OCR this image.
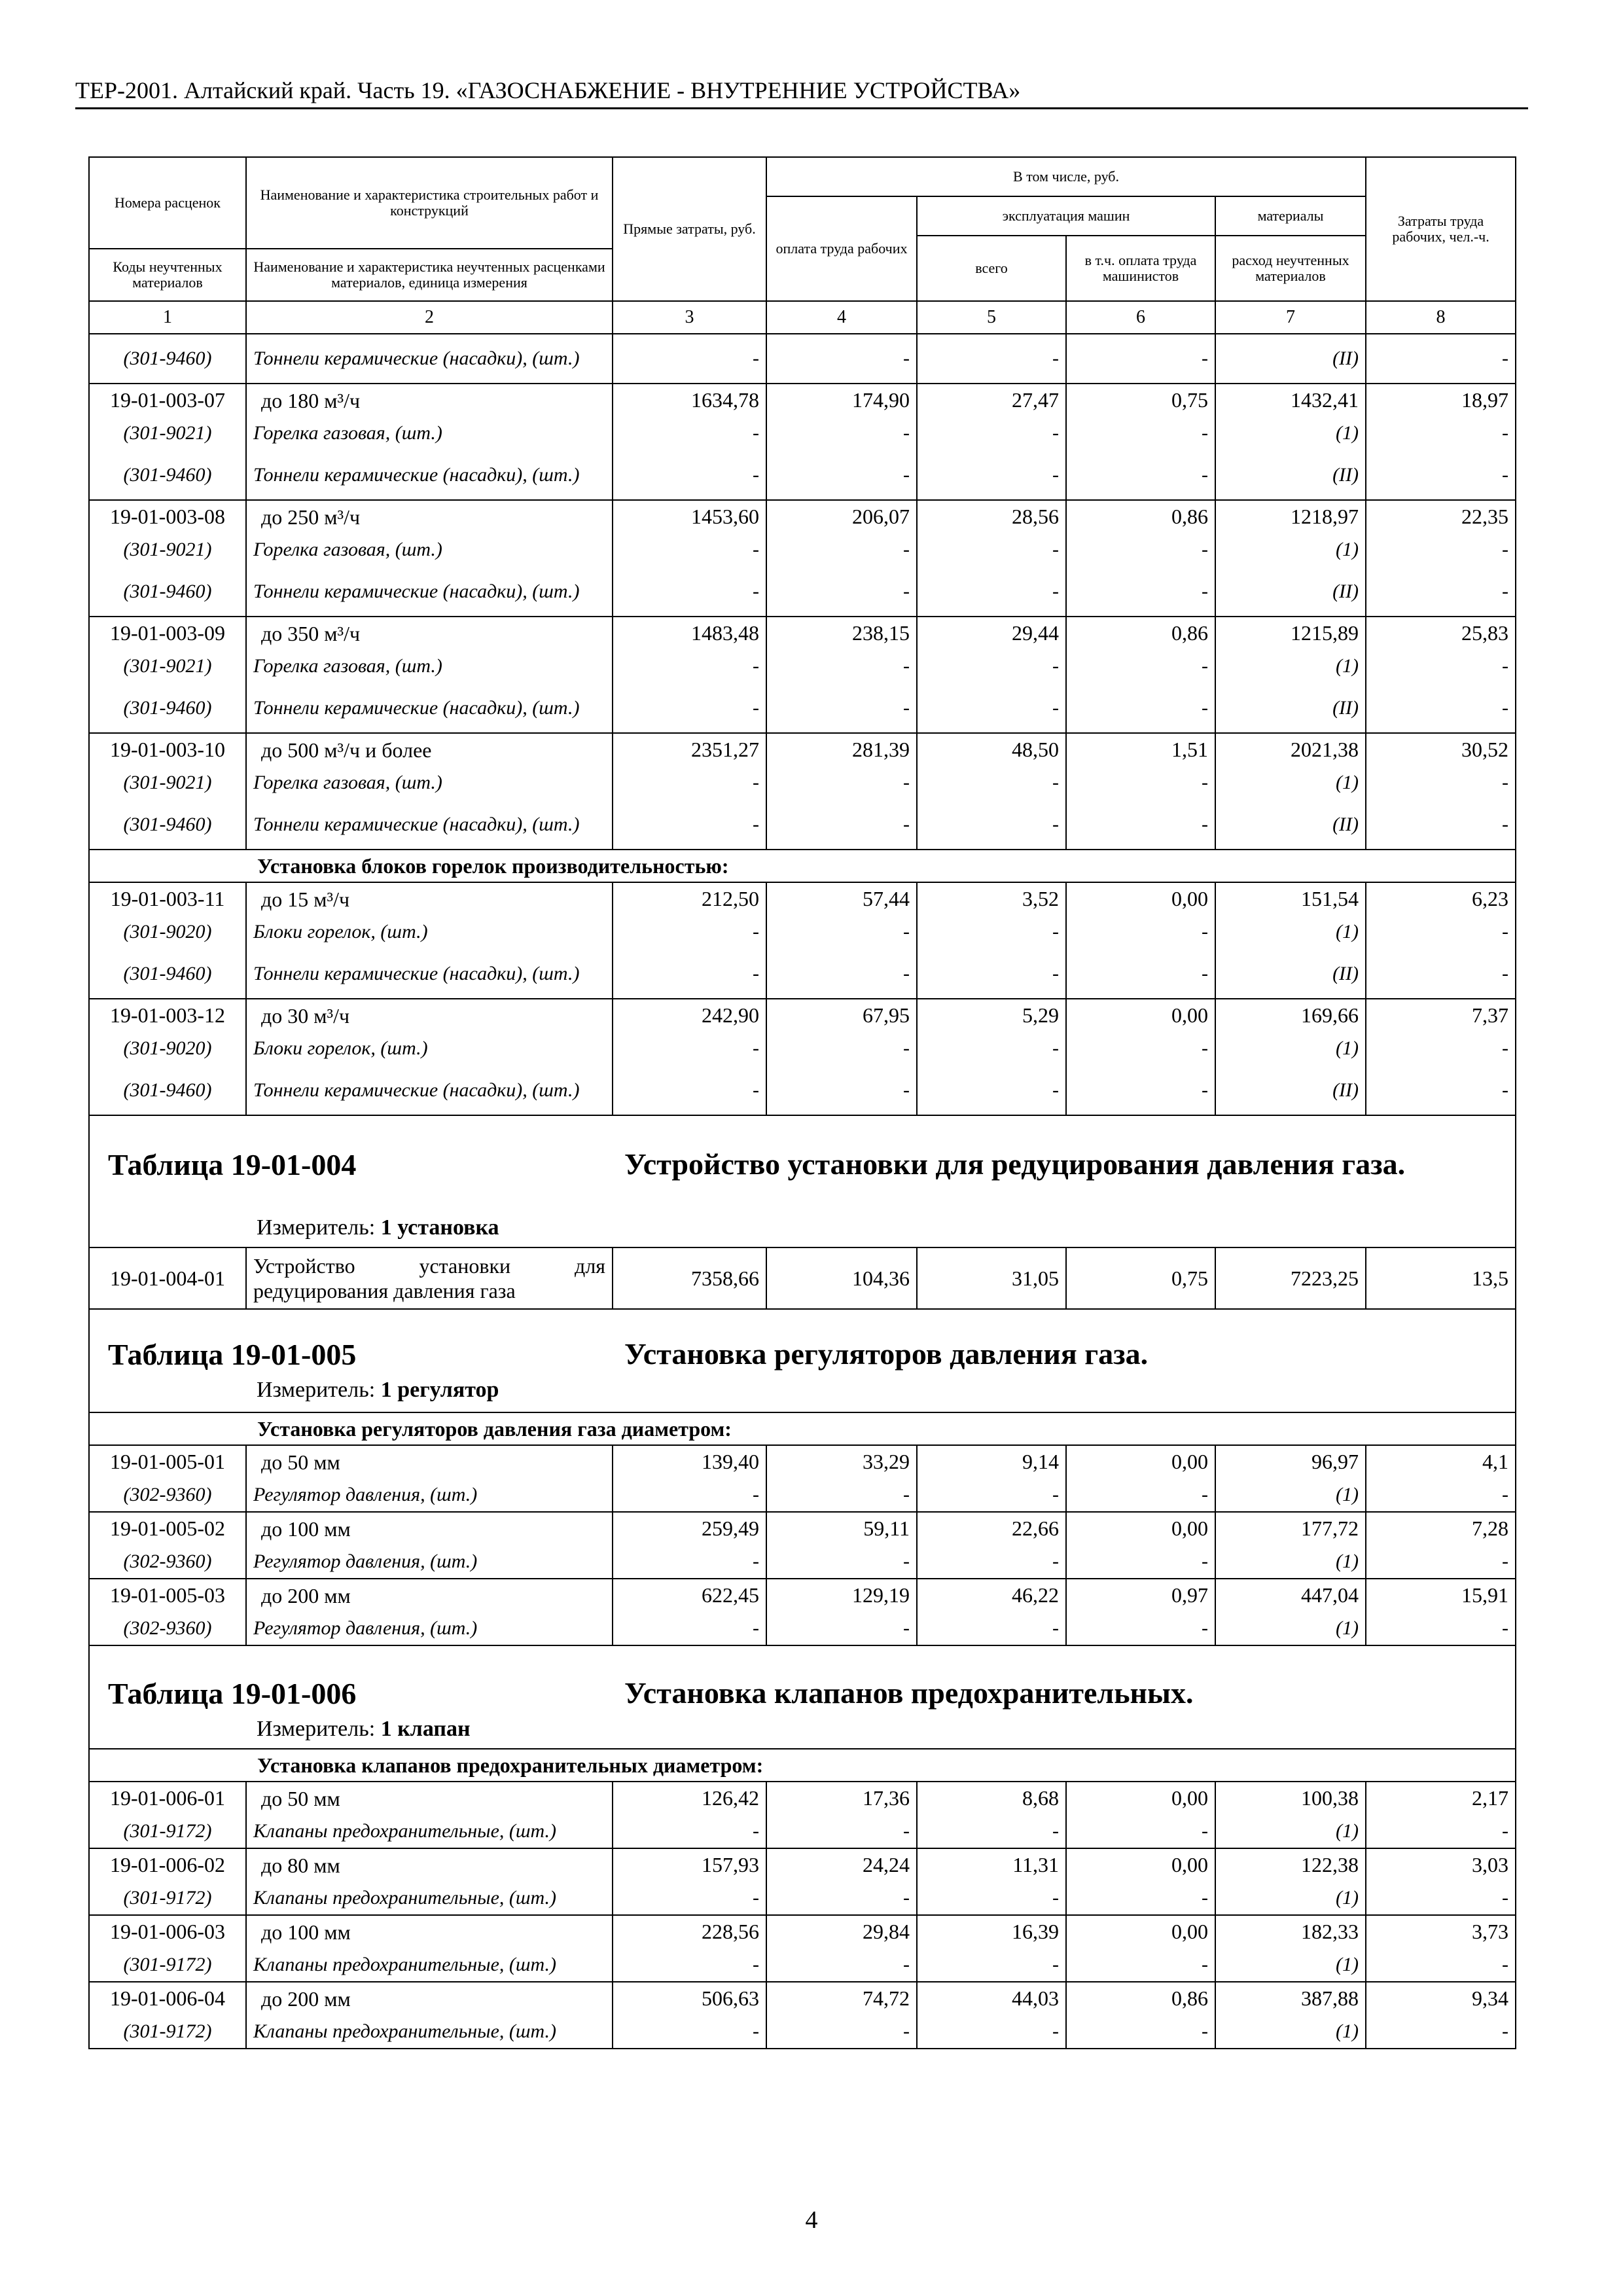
ТЕР-2001. Алтайский край. Часть 19. «ГАЗОСНАБЖЕНИЕ - ВНУТРЕННИЕ УСТРОЙСТВА»
Номера расценок	Наименование и характеристика строительных работ и конструкций	Прямые затраты, руб.	В том числе, руб.				Затраты труда рабочих, чел.-ч.
			оплата труда рабочих	эксплуатация машин		материалы	
				всего	в т.ч. оплата труда машинистов	расход неучтенных материалов	
Коды неучтенных материалов	Наименование и характеристика неучтенных расценками материалов, единица измерения						
1	2	3	4	5	6	7	8
(301-9460)	Тоннели керамические (насадки), (шт.)	-	-	-	-	(II)	-
19-01-003-07	до 180 м³/ч	1634,78	174,90	27,47	0,75	1432,41	18,97
(301-9021)	Горелка газовая, (шт.)	-	-	-	-	(1)	-
(301-9460)	Тоннели керамические (насадки), (шт.)	-	-	-	-	(II)	-
19-01-003-08	до 250 м³/ч	1453,60	206,07	28,56	0,86	1218,97	22,35
(301-9021)	Горелка газовая, (шт.)	-	-	-	-	(1)	-
(301-9460)	Тоннели керамические (насадки), (шт.)	-	-	-	-	(II)	-
19-01-003-09	до 350 м³/ч	1483,48	238,15	29,44	0,86	1215,89	25,83
(301-9021)	Горелка газовая, (шт.)	-	-	-	-	(1)	-
(301-9460)	Тоннели керамические (насадки), (шт.)	-	-	-	-	(II)	-
19-01-003-10	до 500 м³/ч и более	2351,27	281,39	48,50	1,51	2021,38	30,52
(301-9021)	Горелка газовая, (шт.)	-	-	-	-	(1)	-
(301-9460)	Тоннели керамические (насадки), (шт.)	-	-	-	-	(II)	-
Установка блоков горелок производительностью:							
19-01-003-11	до 15 м³/ч	212,50	57,44	3,52	0,00	151,54	6,23
(301-9020)	Блоки горелок, (шт.)	-	-	-	-	(1)	-
(301-9460)	Тоннели керамические (насадки), (шт.)	-	-	-	-	(II)	-
19-01-003-12	до 30 м³/ч	242,90	67,95	5,29	0,00	169,66	7,37
(301-9020)	Блоки горелок, (шт.)	-	-	-	-	(1)	-
(301-9460)	Тоннели керамические (насадки), (шт.)	-	-	-	-	(II)	-

Таблица 19-01-004 Устройство установки для редуцирования давления газа.
Измеритель: 1 установка							

19-01-004-01	Устройство установки для редуцирования давления газа	7358,66	104,36	31,05	0,75	7223,25	13,5

Таблица 19-01-005 Установка регуляторов давления газа.
Измеритель: 1 регулятор							

Установка регуляторов давления газа диаметром:							
19-01-005-01	до 50 мм	139,40	33,29	9,14	0,00	96,97	4,1
(302-9360)	Регулятор давления, (шт.)	-	-	-	-	(1)	-
19-01-005-02	до 100 мм	259,49	59,11	22,66	0,00	177,72	7,28
(302-9360)	Регулятор давления, (шт.)	-	-	-	-	(1)	-
19-01-005-03	до 200 мм	622,45	129,19	46,22	0,97	447,04	15,91
(302-9360)	Регулятор давления, (шт.)	-	-	-	-	(1)	-

Таблица 19-01-006 Установка клапанов предохранительных.
Измеритель: 1 клапан							

Установка клапанов предохранительных диаметром:							
19-01-006-01	до 50 мм	126,42	17,36	8,68	0,00	100,38	2,17
(301-9172)	Клапаны предохранительные, (шт.)	-	-	-	-	(1)	-
19-01-006-02	до 80 мм	157,93	24,24	11,31	0,00	122,38	3,03
(301-9172)	Клапаны предохранительные, (шт.)	-	-	-	-	(1)	-
19-01-006-03	до 100 мм	228,56	29,84	16,39	0,00	182,33	3,73
(301-9172)	Клапаны предохранительные, (шт.)	-	-	-	-	(1)	-
19-01-006-04	до 200 мм	506,63	74,72	44,03	0,86	387,88	9,34
(301-9172)	Клапаны предохранительные, (шт.)	-	-	-	-	(1)	-
4
